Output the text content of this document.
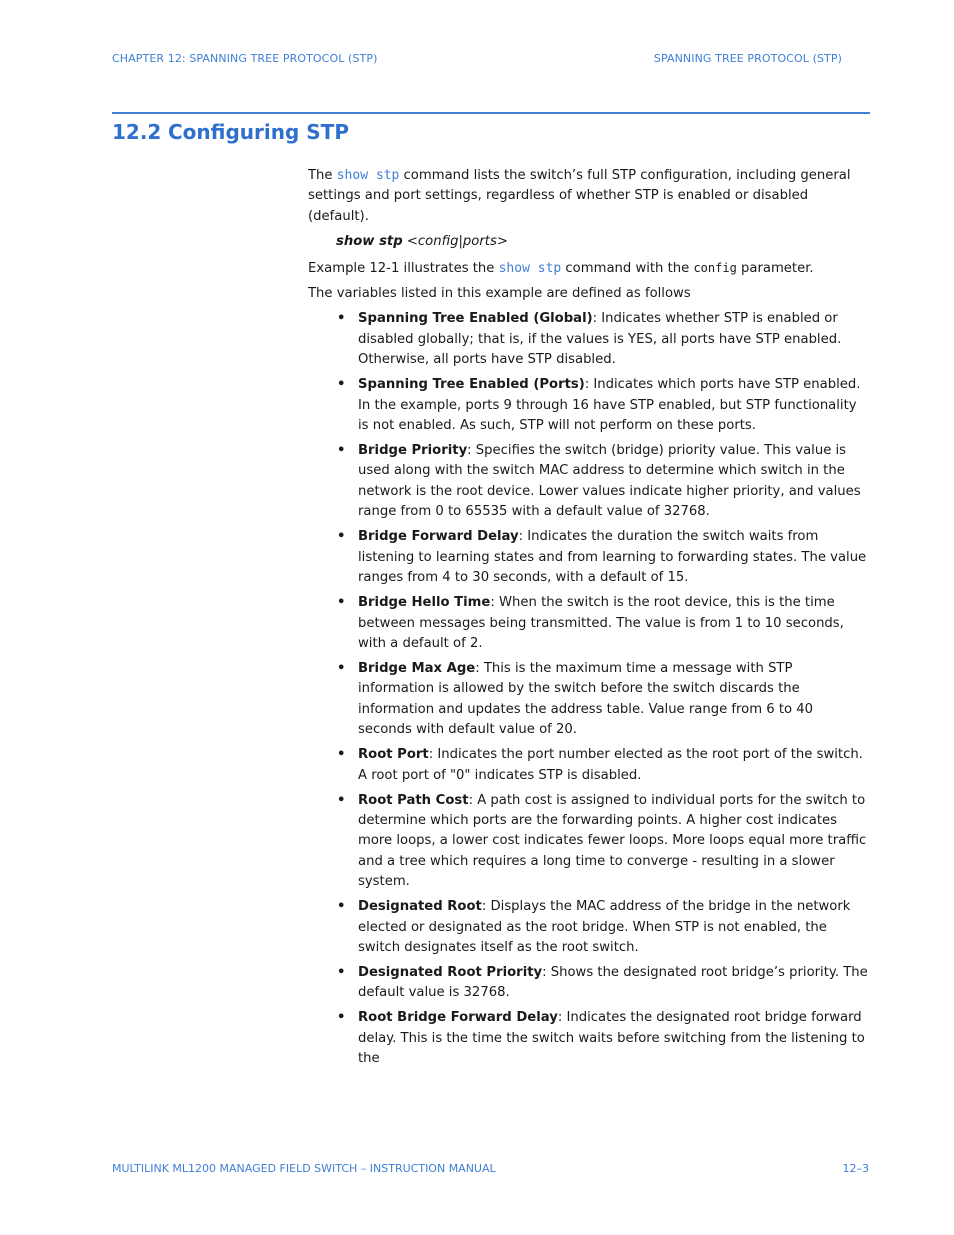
CHAPTER 12: SPANNING TREE PROTOCOL (STP)	SPANNING TREE PROTOCOL (STP)
12.2 Configuring STP

The show stp command lists the switch’s full STP configuration, including general settings and port settings, regardless of whether STP is enabled or disabled (default).

show stp <config|ports>

Example 12-1 illustrates the show stp command with the config parameter.

The variables listed in this example are defined as follows

• Spanning Tree Enabled (Global): Indicates whether STP is enabled or disabled globally; that is, if the values is YES, all ports have STP enabled. Otherwise, all ports have STP disabled.
• Spanning Tree Enabled (Ports): Indicates which ports have STP enabled. In the example, ports 9 through 16 have STP enabled, but STP functionality is not enabled. As such, STP will not perform on these ports.
• Bridge Priority: Specifies the switch (bridge) priority value. This value is used along with the switch MAC address to determine which switch in the network is the root device. Lower values indicate higher priority, and values range from 0 to 65535 with a default value of 32768.
• Bridge Forward Delay: Indicates the duration the switch waits from listening to learning states and from learning to forwarding states. The value ranges from 4 to 30 seconds, with a default of 15.
• Bridge Hello Time: When the switch is the root device, this is the time between messages being transmitted. The value is from 1 to 10 seconds, with a default of 2.
• Bridge Max Age: This is the maximum time a message with STP information is allowed by the switch before the switch discards the information and updates the address table. Value range from 6 to 40 seconds with default value of 20.
• Root Port: Indicates the port number elected as the root port of the switch. A root port of "0" indicates STP is disabled.
• Root Path Cost: A path cost is assigned to individual ports for the switch to determine which ports are the forwarding points. A higher cost indicates more loops, a lower cost indicates fewer loops. More loops equal more traffic and a tree which requires a long time to converge - resulting in a slower system.
• Designated Root: Displays the MAC address of the bridge in the network elected or designated as the root bridge. When STP is not enabled, the switch designates itself as the root switch.
• Designated Root Priority: Shows the designated root bridge’s priority. The default value is 32768.
• Root Bridge Forward Delay: Indicates the designated root bridge forward delay. This is the time the switch waits before switching from the listening to the
MULTILINK ML1200 MANAGED FIELD SWITCH – INSTRUCTION MANUAL	12–3
